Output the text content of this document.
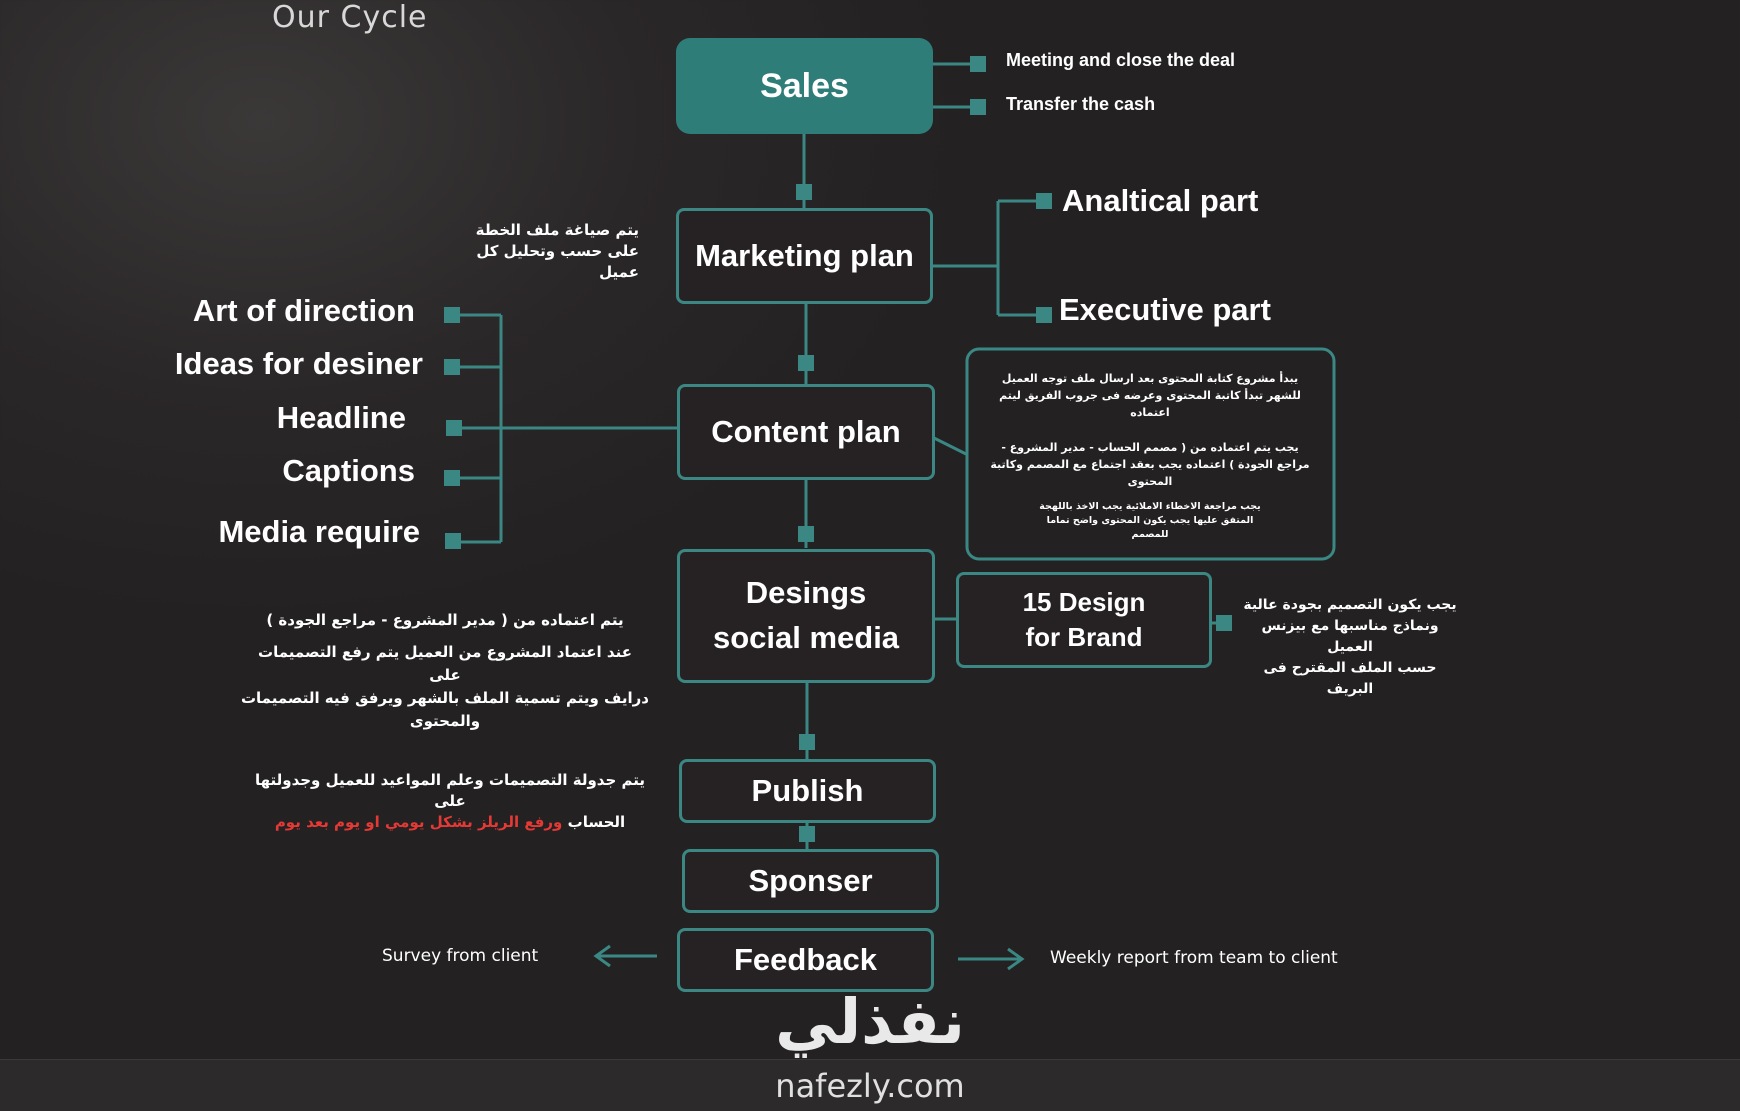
Our Cycle
Sales
Marketing plan
Content plan
Desings
social media
15 Design
for Brand
Publish
Sponser
Feedback
Meeting and close the deal
Transfer the cash
Analtical part
Executive part
Art of direction
Ideas for desiner
Headline
Captions
Media require
يتم صياغة ملف الخطة
على حسب وتحليل كل
عميل
يبدأ مشروع كتابة المحتوى بعد ارسال ملف توجه العميل
للشهر تبدأ كاتبة المحتوى وعرضه فى جروب الفريق ليتم
اعتماده
يجب يتم اعتماده من ( مصمم الحساب - مدير المشروع -
مراجع الجودة ) اعتماده يجب بعقد اجتماع مع المصمم وكاتبة
المحتوى
يجب مراجعة الاخطاء الاملائية يجب الاخذ باللهجة
المتفق عليها يجب يكون المحتوى واضح تماما
للمصمم
يتم اعتماده من ( مدير المشروع - مراجع الجودة )
عند اعتماد المشروع من العميل يتم رفع التصميمات على
درايف ويتم تسمية الملف بالشهر ويرفق فيه التصميمات
والمحتوى
يجب يكون التصميم بجودة عالية
ونماذج مناسبها مع بيزنس العميل
حسب الملف المقترح فى البريف
يتم جدولة التصميمات وعلم المواعيد للعميل وجدولتها على
الحساب ورفع الريلز بشكل يومي او يوم بعد يوم
Survey from client	Weekly report from team to client
نفذلي
nafezly.com
